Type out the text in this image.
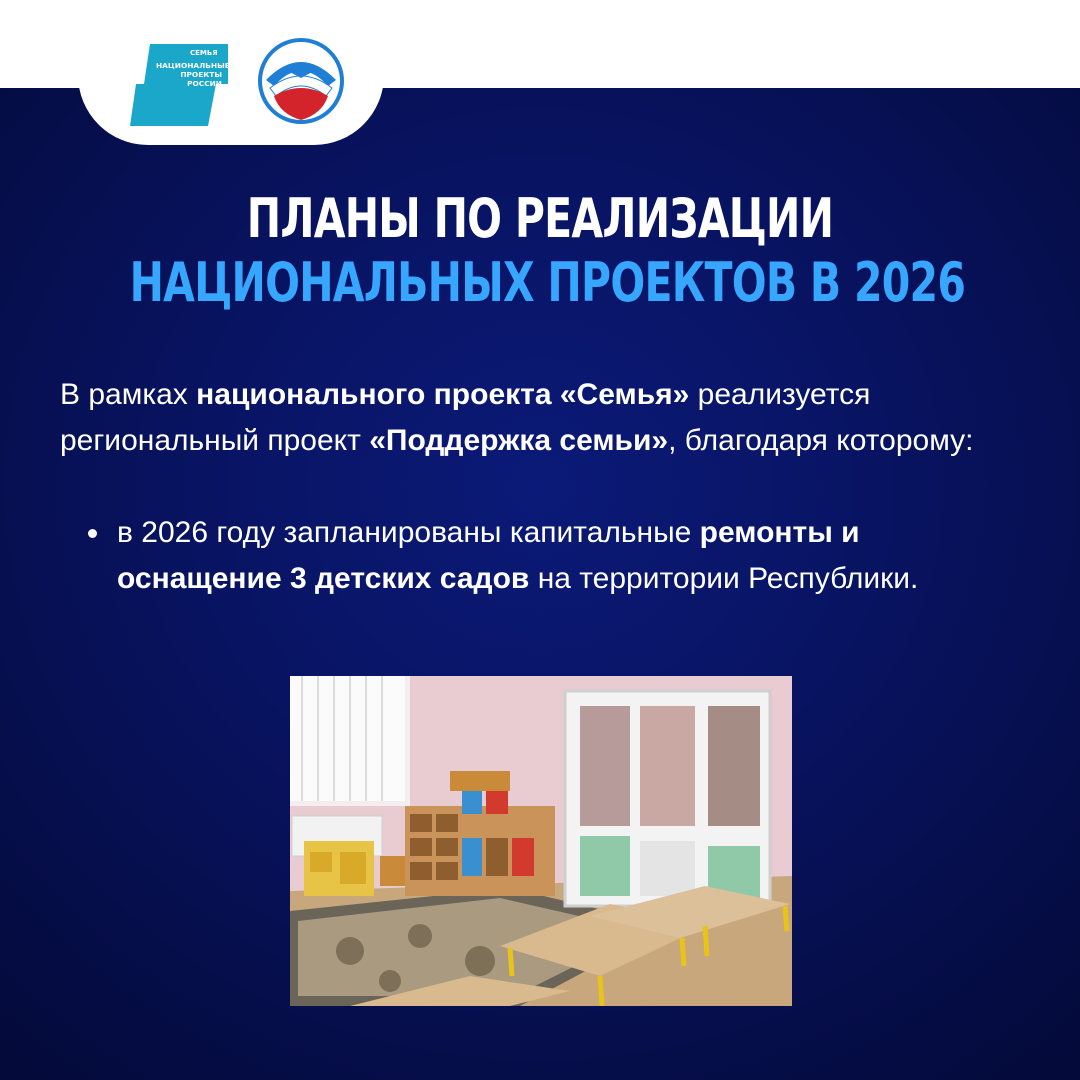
СЕМЬЯ
НАЦИОНАЛЬНЫЕ ПРОЕКТЫ РОССИИ
ПЛАНЫ ПО РЕАЛИЗАЦИИ
НАЦИОНАЛЬНЫХ ПРОЕКТОВ В 2026
В рамках национального проекта «Семья» реализуется региональный проект «Поддержка семьи», благодаря которому:
в 2026 году запланированы капитальные ремонты и оснащение 3 детских садов на территории Республики.
